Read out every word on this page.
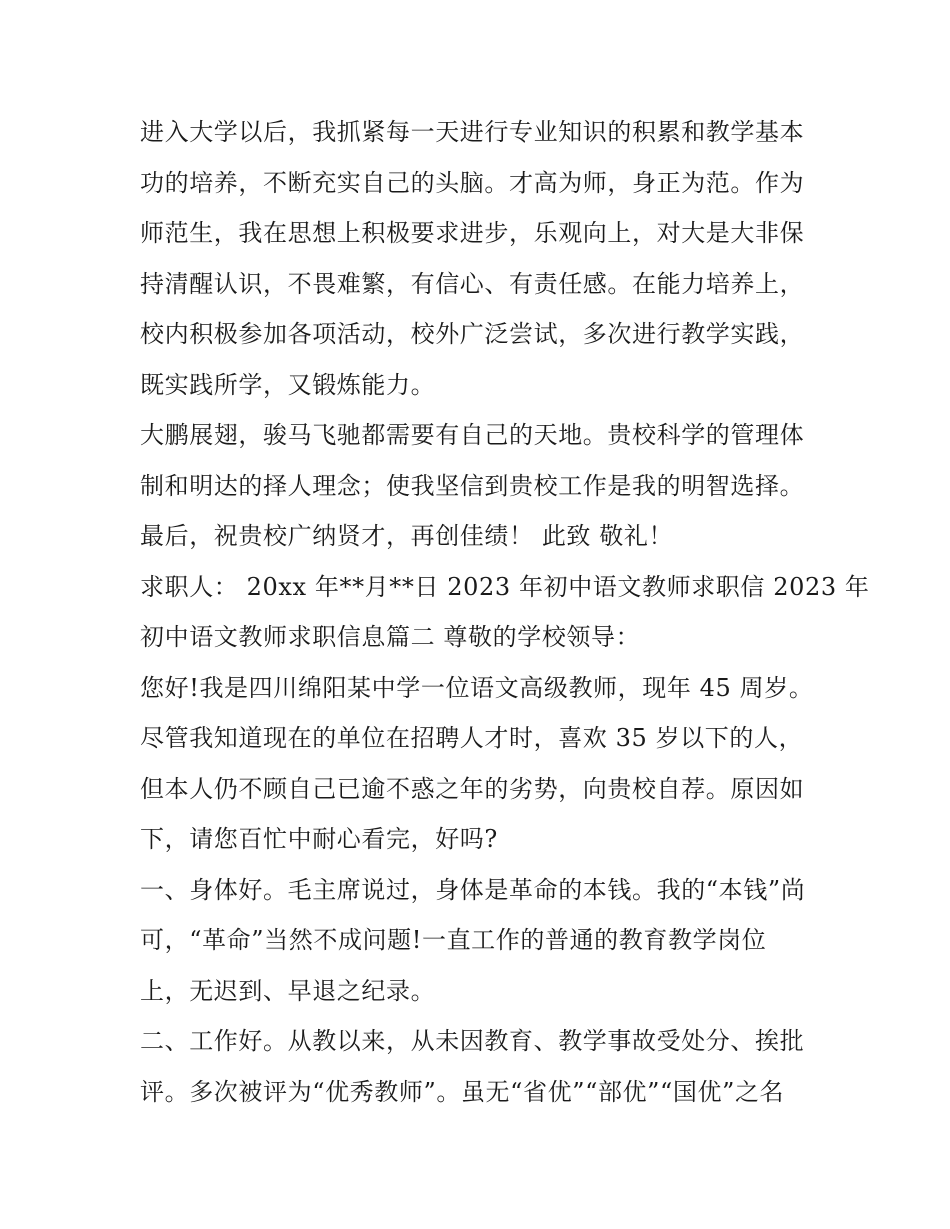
进入大学以后，我抓紧每一天进行专业知识的积累和教学基本
功的培养，不断充实自己的头脑。才高为师，身正为范。作为
师范生，我在思想上积极要求进步，乐观向上，对大是大非保
持清醒认识，不畏难繁，有信心、有责任感。在能力培养上，
校内积极参加各项活动，校外广泛尝试，多次进行教学实践，
既实践所学，又锻炼能力。
大鹏展翅，骏马飞驰都需要有自己的天地。贵校科学的管理体
制和明达的择人理念；使我坚信到贵校工作是我的明智选择。
最后，祝贵校广纳贤才，再创佳绩！ 此致 敬礼！
求职人： 20xx 年**月**日 2023 年初中语文教师求职信 2023 年
初中语文教师求职信息篇二 尊敬的学校领导：
您好!我是四川绵阳某中学一位语文高级教师，现年 45 周岁。
尽管我知道现在的单位在招聘人才时，喜欢 35 岁以下的人，
但本人仍不顾自己已逾不惑之年的劣势，向贵校自荐。原因如
下，请您百忙中耐心看完，好吗?
一、身体好。毛主席说过，身体是革命的本钱。我的“本钱”尚
可，“革命”当然不成问题!一直工作的普通的教育教学岗位
上，无迟到、早退之纪录。
二、工作好。从教以来，从未因教育、教学事故受处分、挨批
评。多次被评为“优秀教师”。虽无“省优”“部优”“国优”之名
